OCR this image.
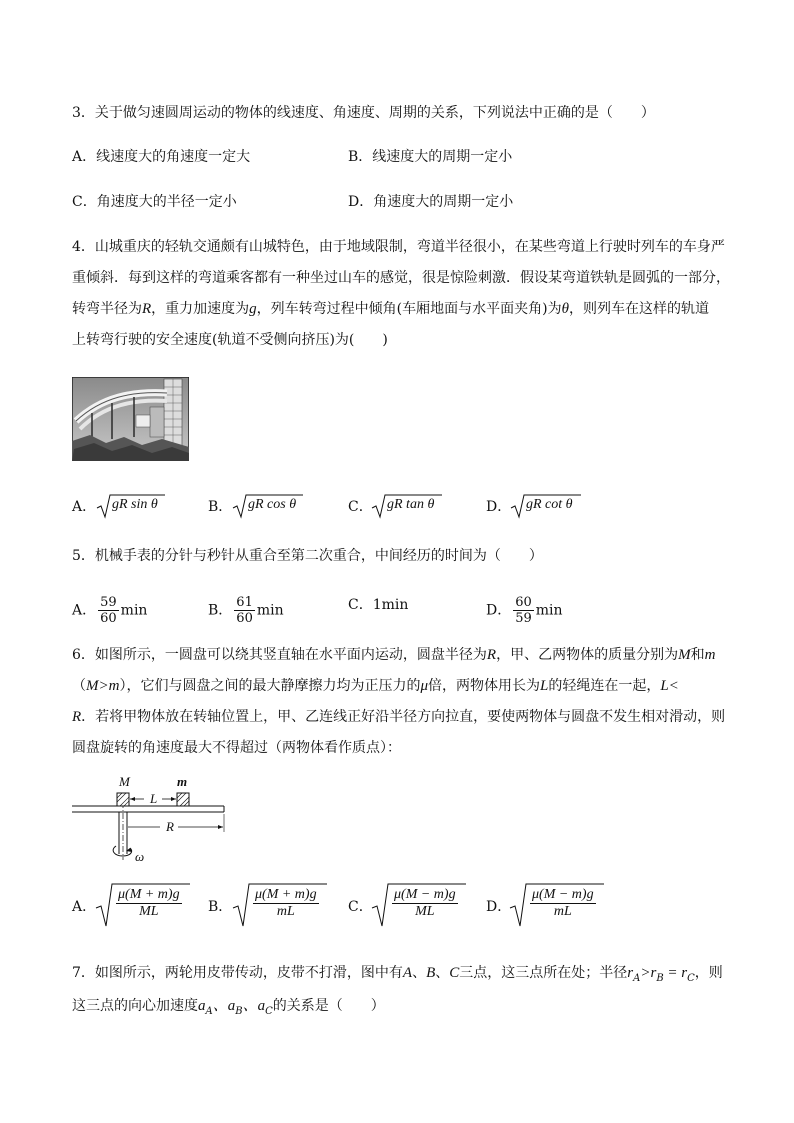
3．关于做匀速圆周运动的物体的线速度、角速度、周期的关系，下列说法中正确的是（　　）
A．线速度大的角速度一定大	B．线速度大的周期一定小
C．角速度大的半径一定小	D．角速度大的周期一定小
4．山城重庆的轻轨交通颇有山城特色，由于地域限制，弯道半径很小，在某些弯道上行驶时列车的车身严
重倾斜．每到这样的弯道乘客都有一种坐过山车的感觉，很是惊险刺激．假设某弯道铁轨是圆弧的一部分，
转弯半径为R，重力加速度为g，列车转弯过程中倾角(车厢地面与水平面夹角)为θ，则列车在这样的轨道
上转弯行驶的安全速度(轨道不受侧向挤压)为(　　)
A． gR sin θ	B． gR cos θ	C． gR tan θ	D． gR cot θ
5．机械手表的分针与秒针从重合至第二次重合，中间经历的时间为（　　）
A． $\frac{59}{60}$ min	B． $\frac{61}{60}$ min	C．1min	D． $\frac{60}{59}$ min
6．如图所示，一圆盘可以绕其竖直轴在水平面内运动，圆盘半径为R，甲、乙两物体的质量分别为M和m
（M>m），它们与圆盘之间的最大静摩擦力均为正压力的μ倍，两物体用长为L的轻绳连在一起，L<
R．若将甲物体放在转轴位置上，甲、乙连线正好沿半径方向拉直，要使两物体与圆盘不发生相对滑动，则
圆盘旋转的角速度最大不得超过（两物体看作质点）：
M	m
L
R
ω
A． $\frac{\mu(M + m)g}{ML}$ B． $\frac{\mu(M + m)g}{mL}$ C． $\frac{\mu(M - m)g}{ML}$ D． $\frac{\mu(M - m)g}{mL}$
7．如图所示，两轮用皮带传动，皮带不打滑，图中有A、B、C三点，这三点所在处；半径$r_A>r_B = r_C$，则
这三点的向心加速度$a_A$、$a_B$、$a_C$的关系是（　　）
